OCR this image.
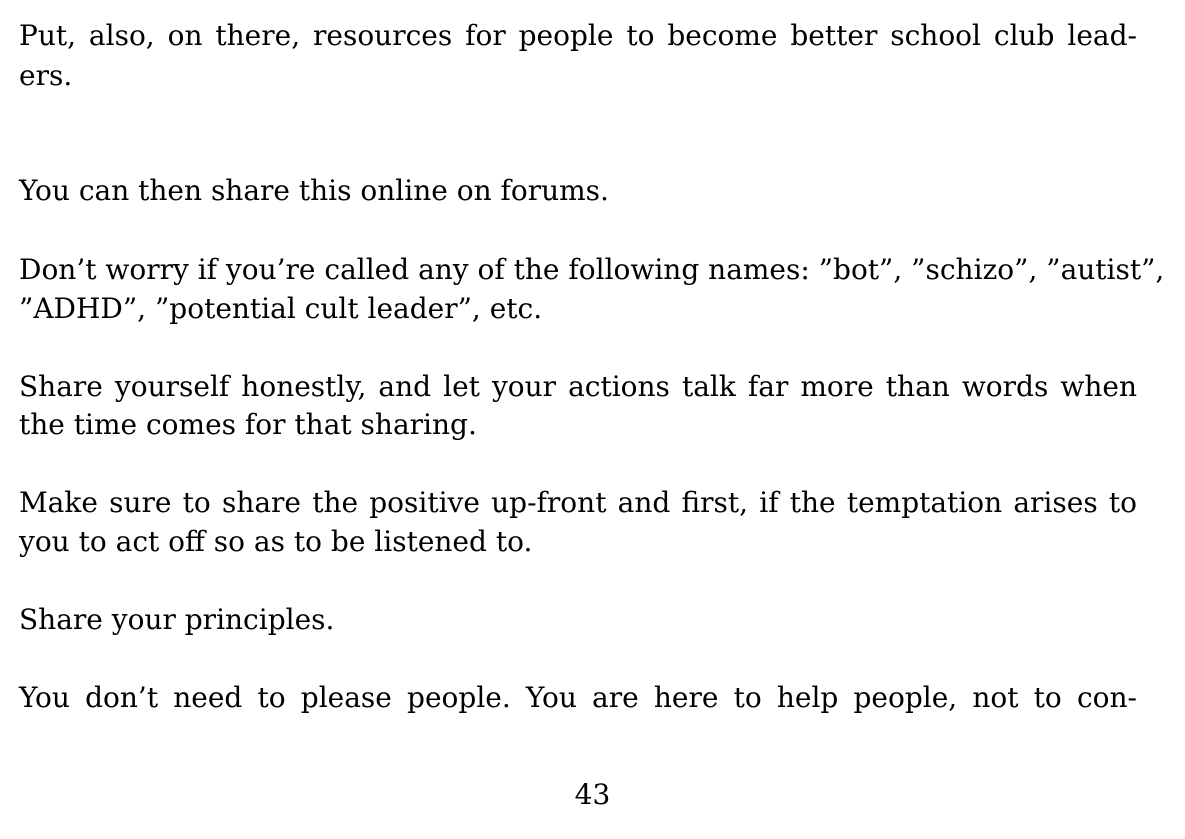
Put, also, on there, resources for people to become better school club lead-
ers.
You can then share this online on forums.
Don’t worry if you’re called any of the following names: ”bot”, ”schizo”, ”autist”,
”ADHD”, ”potential cult leader”, etc.
Share yourself honestly, and let your actions talk far more than words when
the time comes for that sharing.
Make sure to share the positive up-front and first, if the temptation arises to
you to act off so as to be listened to.
Share your principles.
You don’t need to please people. You are here to help people, not to con-
43
